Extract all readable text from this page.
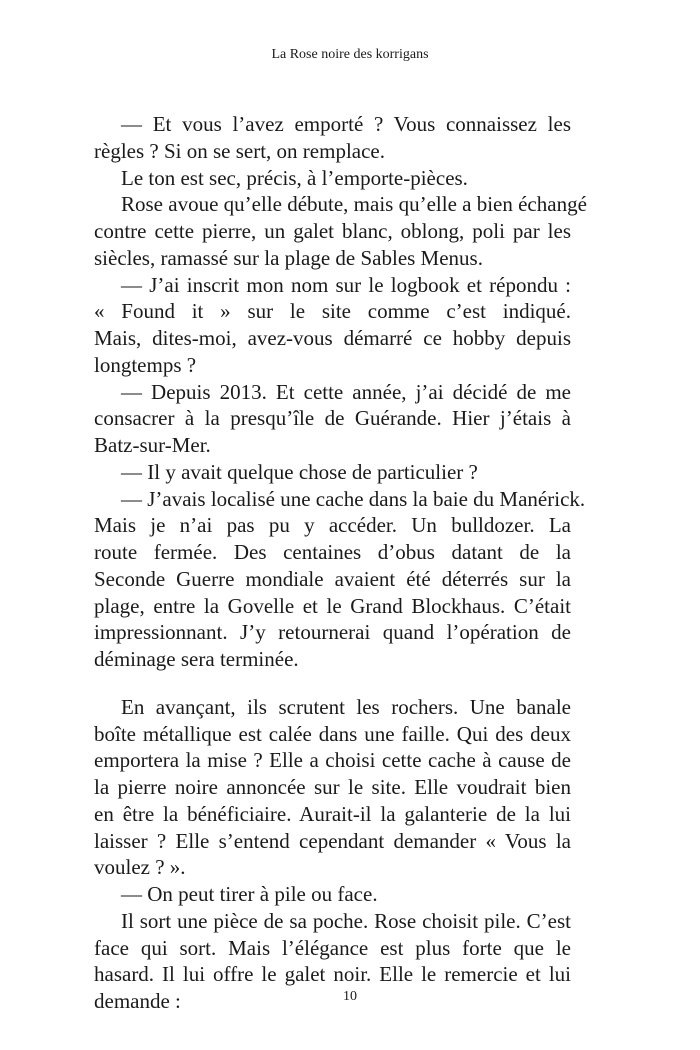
La Rose noire des korrigans
— Et vous l’avez emporté ? Vous connaissez les
règles ? Si on se sert, on remplace.
Le ton est sec, précis, à l’emporte-pièces.
Rose avoue qu’elle débute, mais qu’elle a bien échangé
contre cette pierre, un galet blanc, oblong, poli par les
siècles, ramassé sur la plage de Sables Menus.
— J’ai inscrit mon nom sur le logbook et répondu :
« Found it » sur le site comme c’est indiqué.
Mais, dites-moi, avez-vous démarré ce hobby depuis
longtemps ?
— Depuis 2013. Et cette année, j’ai décidé de me
consacrer à la presqu’île de Guérande. Hier j’étais à
Batz-sur-Mer.
— Il y avait quelque chose de particulier ?
— J’avais localisé une cache dans la baie du Manérick.
Mais je n’ai pas pu y accéder. Un bulldozer. La
route fermée. Des centaines d’obus datant de la
Seconde Guerre mondiale avaient été déterrés sur la
plage, entre la Govelle et le Grand Blockhaus. C’était
impressionnant. J’y retournerai quand l’opération de
déminage sera terminée.
En avançant, ils scrutent les rochers. Une banale
boîte métallique est calée dans une faille. Qui des deux
emportera la mise ? Elle a choisi cette cache à cause de
la pierre noire annoncée sur le site. Elle voudrait bien
en être la bénéficiaire. Aurait-il la galanterie de la lui
laisser ? Elle s’entend cependant demander « Vous la
voulez ? ».
— On peut tirer à pile ou face.
Il sort une pièce de sa poche. Rose choisit pile. C’est
face qui sort. Mais l’élégance est plus forte que le
hasard. Il lui offre le galet noir. Elle le remercie et lui
demande :	10
